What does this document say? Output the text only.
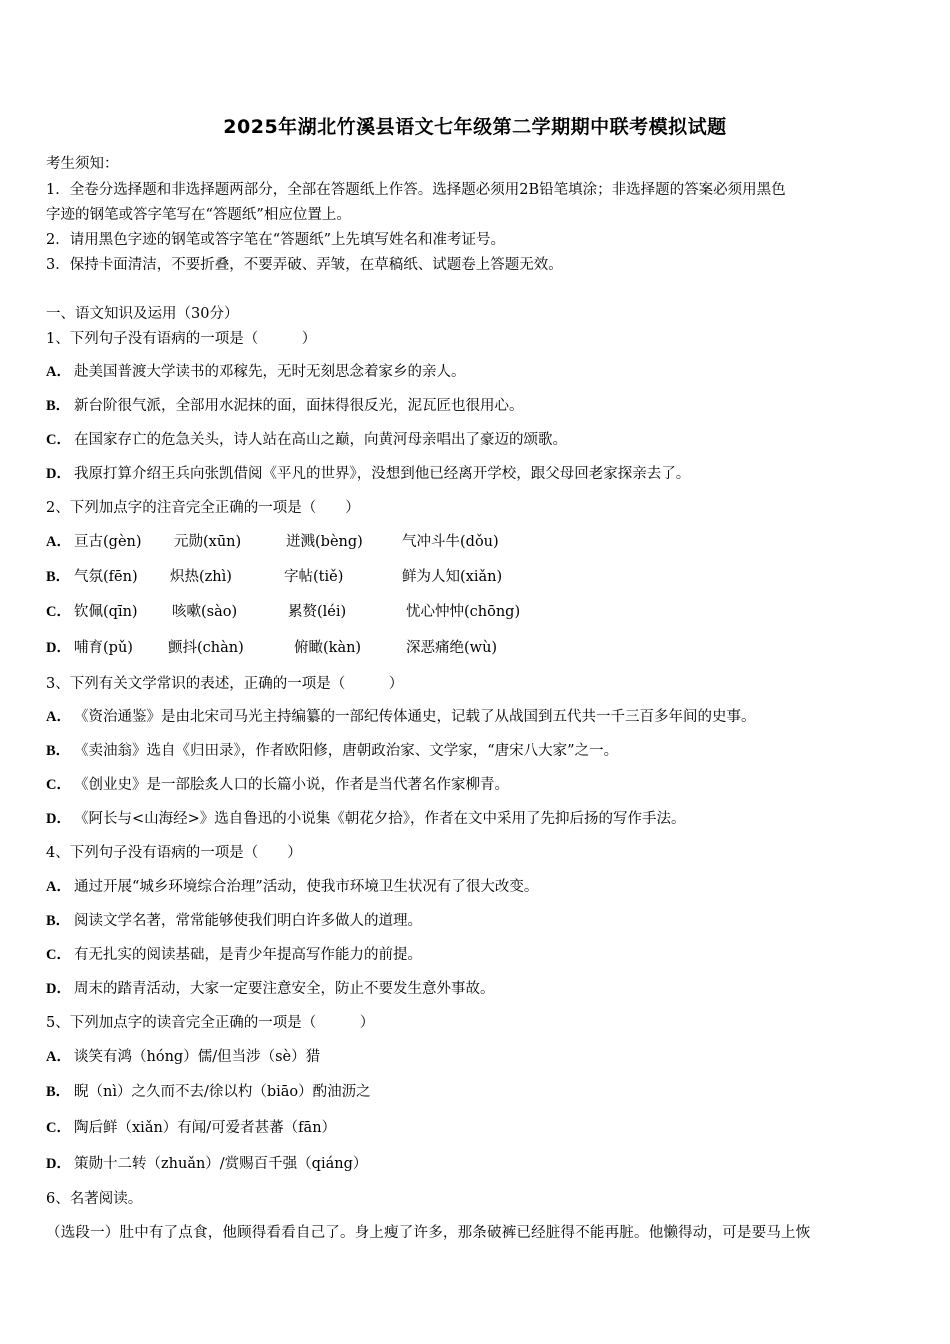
2025年湖北竹溪县语文七年级第二学期期中联考模拟试题
考生须知：
1．全卷分选择题和非选择题两部分，全部在答题纸上作答。选择题必须用2B铅笔填涂；非选择题的答案必须用黑色
字迹的钢笔或答字笔写在“答题纸”相应位置上。
2．请用黑色字迹的钢笔或答字笔在“答题纸”上先填写姓名和准考证号。
3．保持卡面清洁，不要折叠，不要弄破、弄皱，在草稿纸、试题卷上答题无效。
一、语文知识及运用（30分）
1、下列句子没有语病的一项是（　　　）
A． 赴美国普渡大学读书的邓稼先，无时无刻思念着家乡的亲人。
B． 新台阶很气派，全部用水泥抹的面，面抹得很反光，泥瓦匠也很用心。
C． 在国家存亡的危急关头，诗人站在高山之巅，向黄河母亲唱出了豪迈的颂歌。
D． 我原打算介绍王兵向张凯借阅《平凡的世界》，没想到他已经离开学校，跟父母回老家探亲去了。
2、下列加点字的注音完全正确的一项是（　　）
A． 亘古(gèn) 元勋(xūn)	迸溅(bèng)	气冲斗牛(dǒu)
B． 气氛(fēn) 炽热(zhì)	字帖(tiě)	鲜为人知(xiǎn)
C． 钦佩(qīn) 咳嗽(sào)	累赘(léi)	忧心忡忡(chōng)
D． 哺育(pǔ) 颤抖(chàn)	俯瞰(kàn)	深恶痛绝(wù)
3、下列有关文学常识的表述，正确的一项是（　　　）
A． 《资治通鉴》是由北宋司马光主持编纂的一部纪传体通史，记载了从战国到五代共一千三百多年间的史事。
B． 《卖油翁》选自《归田录》，作者欧阳修，唐朝政治家、文学家，“唐宋八大家”之一。
C． 《创业史》是一部脍炙人口的长篇小说，作者是当代著名作家柳青。
D． 《阿长与<山海经>》选自鲁迅的小说集《朝花夕拾》，作者在文中采用了先抑后扬的写作手法。
4、下列句子没有语病的一项是（　　）
A． 通过开展“城乡环境综合治理”活动，使我市环境卫生状况有了很大改变。
B． 阅读文学名著，常常能够使我们明白许多做人的道理。
C． 有无扎实的阅读基础，是青少年提高写作能力的前提。
D． 周末的踏青活动，大家一定要注意安全，防止不要发生意外事故。
5、下列加点字的读音完全正确的一项是（　　　）
A． 谈笑有鸿（hóng）儒/但当涉（sè）猎
B． 睨（nì）之久而不去/徐以杓（biāo）酌油沥之
C． 陶后鲜（xiǎn）有闻/可爱者甚蕃（fān）
D． 策勋十二转（zhuǎn）/赏赐百千强（qiáng）
6、名著阅读。
（选段一）肚中有了点食，他顾得看看自己了。身上瘦了许多，那条破裤已经脏得不能再脏。他懒得动，可是要马上恢
